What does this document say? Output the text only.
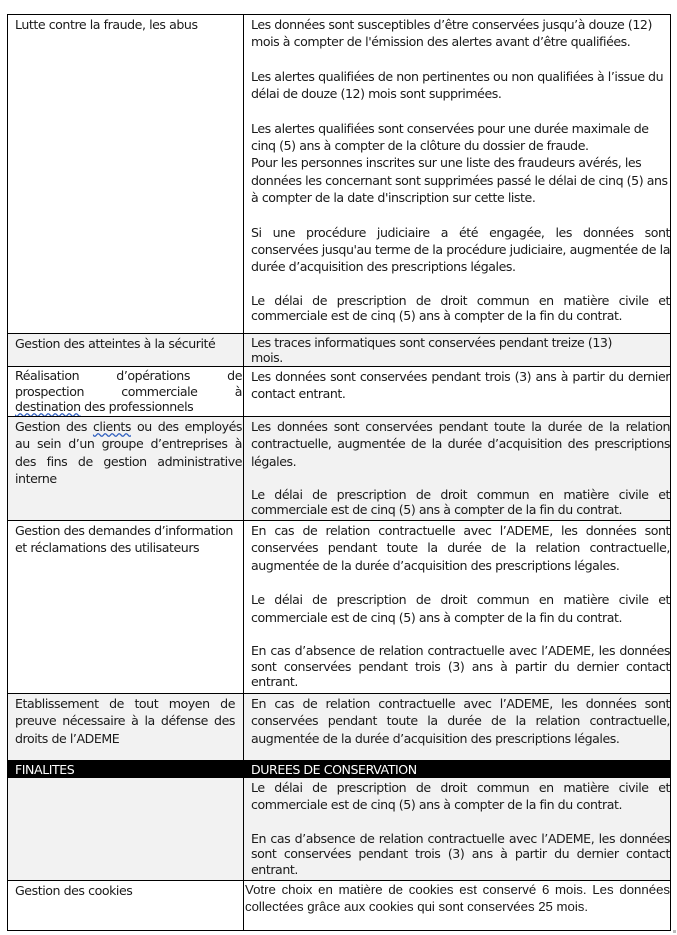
Lutte contre la fraude, les abus	Les données sont susceptibles d’être conservées jusqu’à douze (12) mois à compter de l'émission des alertes avant d’être qualifiées.
Les alertes qualifiées de non pertinentes ou non qualifiées à l’issue du délai de douze (12) mois sont supprimées.
Les alertes qualifiées sont conservées pour une durée maximale de cinq (5) ans à compter de la clôture du dossier de fraude.
Pour les personnes inscrites sur une liste des fraudeurs avérés, les données les concernant sont supprimées passé le délai de cinq (5) ans à compter de la date d'inscription sur cette liste.
Si une procédure judiciaire a été engagée, les données sont conservées jusqu'au terme de la procédure judiciaire, augmentée de la durée d’acquisition des prescriptions légales.
Le délai de prescription de droit commun en matière civile et commerciale est de cinq (5) ans à compter de la fin du contrat.

Gestion des atteintes à la sécurité	Les traces informatiques sont conservées pendant treize (13) mois.

Réalisation d’opérations de prospection commerciale à destination des professionnels	Les données sont conservées pendant trois (3) ans à partir du dernier contact entrant.

Gestion des clients ou des employés au sein d’un groupe d’entreprises à des fins de gestion administrative interne	Les données sont conservées pendant toute la durée de la relation contractuelle, augmentée de la durée d’acquisition des prescriptions légales.
Le délai de prescription de droit commun en matière civile et commerciale est de cinq (5) ans à compter de la fin du contrat.

Gestion des demandes d’information et réclamations des utilisateurs	En cas de relation contractuelle avec l’ADEME, les données sont conservées pendant toute la durée de la relation contractuelle, augmentée de la durée d’acquisition des prescriptions légales.
Le délai de prescription de droit commun en matière civile et commerciale est de cinq (5) ans à compter de la fin du contrat.
En cas d’absence de relation contractuelle avec l’ADEME, les données sont conservées pendant trois (3) ans à partir du dernier contact entrant.

Etablissement de tout moyen de preuve nécessaire à la défense des droits de l’ADEME	En cas de relation contractuelle avec l’ADEME, les données sont conservées pendant toute la durée de la relation contractuelle, augmentée de la durée d’acquisition des prescriptions légales.

FINALITES	DUREES DE CONSERVATION

	Le délai de prescription de droit commun en matière civile et commerciale est de cinq (5) ans à compter de la fin du contrat.
En cas d’absence de relation contractuelle avec l’ADEME, les données sont conservées pendant trois (3) ans à partir du dernier contact entrant.

Gestion des cookies	Votre choix en matière de cookies est conservé 6 mois. Les données collectées grâce aux cookies qui sont conservées 25 mois.
